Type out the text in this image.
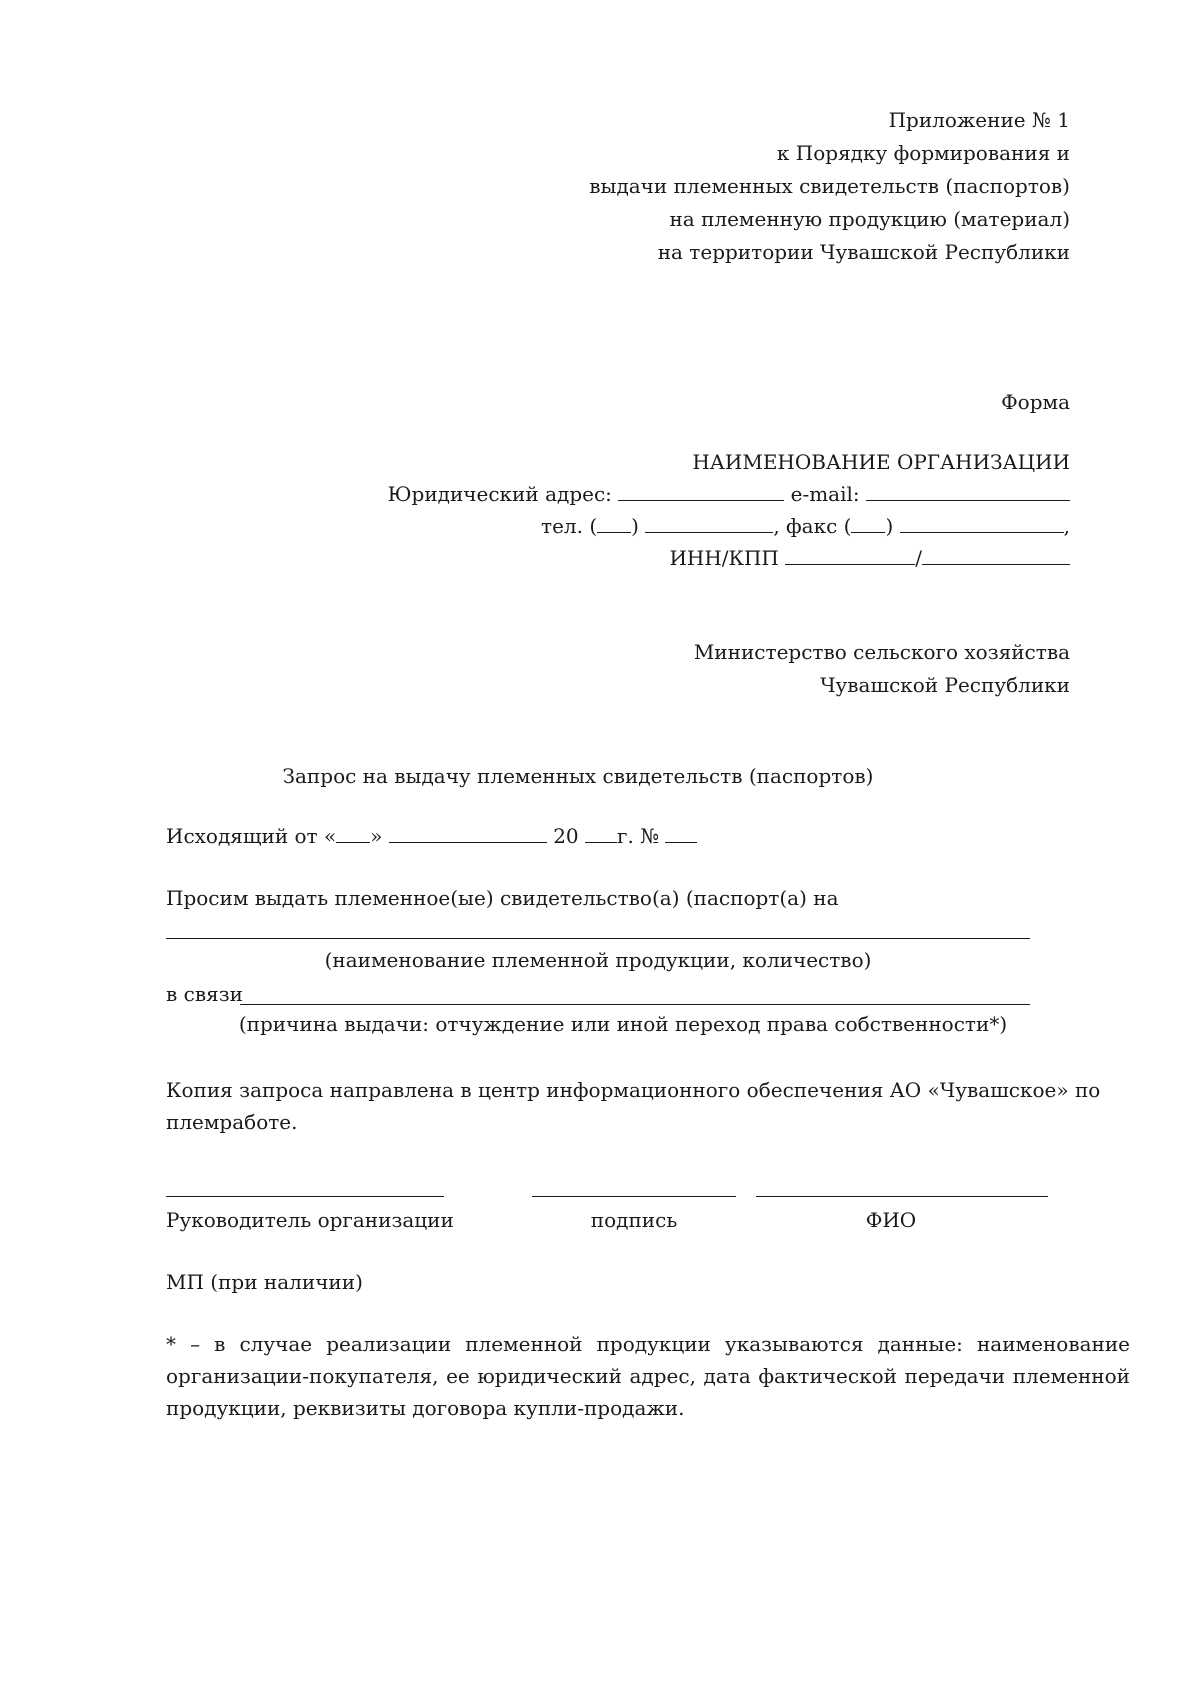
Приложение № 1
к Порядку формирования и
выдачи племенных свидетельств (паспортов)
на племенную продукцию (материал)
на территории Чувашской Республики
Форма
НАИМЕНОВАНИЕ ОРГАНИЗАЦИИ
Юридический адрес:	e-mail:
тел. ( )	, факс ( )	,
ИНН/КПП	/
Министерство сельского хозяйства
Чувашской Республики
Запрос на выдачу племенных свидетельств (паспортов)
Исходящий от « »	20 г. №
Просим выдать племенное(ые) свидетельство(а) (паспорт(а) на
(наименование племенной продукции, количество)
в связи
(причина выдачи: отчуждение или иной переход права собственности*)
Копия запроса направлена в центр информационного обеспечения АО «Чувашское» по
племработе.
Руководитель организации	подпись	ФИО
МП (при наличии)
* – в случае реализации племенной продукции указываются данные: наименование
организации-покупателя, ее юридический адрес, дата фактической передачи племенной
продукции, реквизиты договора купли-продажи.
